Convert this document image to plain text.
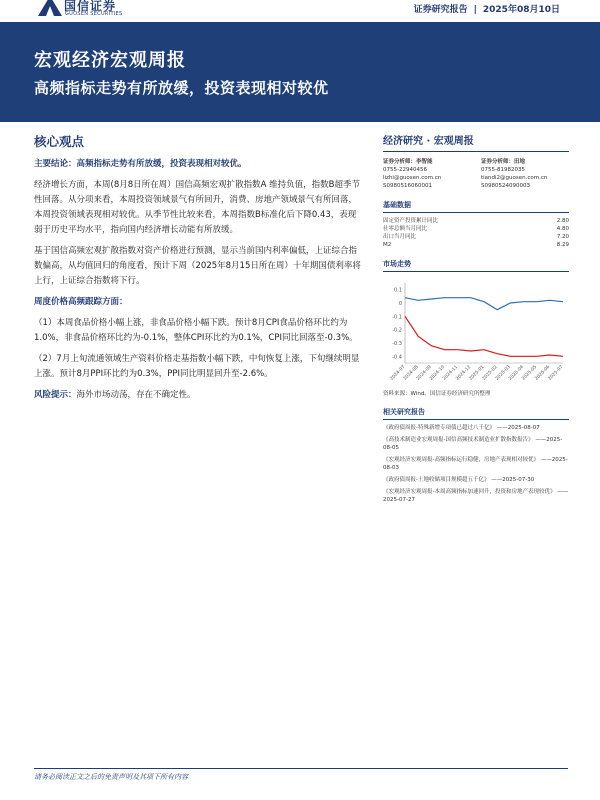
国信证券
GUOSEN SECURITIES	证券研究报告 | 2025年08月10日
宏观经济宏观周报
高频指标走势有所放缓，投资表现相对较优
核心观点

主要结论：高频指标走势有所放缓，投资表现相对较优。

经济增长方面，本周(8月8日所在周）国信高频宏观扩散指数A 维持负值，指数B超季节性回落。从分项来看，本周投资领域景气有所回升，消费、房地产领域景气有所回落，本周投资领域表现相对较优。从季节性比较来看，本周指数B标准化后下降0.43，表现弱于历史平均水平，指向国内经济增长动能有所放缓。

基于国信高频宏观扩散指数对资产价格进行预测，显示当前国内利率偏低，上证综合指数偏高，从均值回归的角度看，预计下周（2025年8月15日所在周）十年期国债利率将上行，上证综合指数将下行。

周度价格高频跟踪方面：

（1）本周食品价格小幅上涨，非食品价格小幅下跌。预计8月CPI食品价格环比约为1.0%，非食品价格环比约为-0.1%，整体CPI环比约为0.1%，CPI同比回落至-0.3%。

（2）7月上旬流通领域生产资料价格走基指数小幅下跌，中旬恢复上涨，下旬继续明显上涨。预计8月PPI环比约为0.3%，PPI同比明显回升至-2.6%。

风险提示：海外市场动荡，存在不确定性。

经济研究 · 宏观周报
证券分析师：李智能
0755-22940456
lizhi@guosen.com.cn
S0980516060001
证券分析师：田地
0755-81982035
tiandi2@guosen.com.cn
S0980524090003
基础数据
固定资产投资累计同比	2.80
社零总额当月同比	4.80
出口当月同比	7.20
M2	8.29
市场走势
0.1
0
-0.1
-0.2
-0.3
-0.4
2024-07
2024-08
2024-09
2024-10
2024-11
2024-12
2025-01
2025-02
2025-03
2025-04
2025-05
2025-06
2025-07
资料来源：Wind、国信证券经济研究所整理
相关研究报告
《政府债周报-特殊新增专项债已超过八千亿》 ——2025-08-07
《高技术制造业宏观周报-国信高频技术制造业扩散指数报告》 ——2025-08-05
《宏观经济宏观周报-高频指标运行稳健，房地产表现相对较优》 ——2025-08-03
《政府债周报-土地收储项目规模超五千亿》 ——2025-07-30
《宏观经济宏观周报-本周高频指标加速回升，投资和房地产表现较优》 ——2025-07-27
请务必阅读正文之后的免责声明及其项下所有内容
